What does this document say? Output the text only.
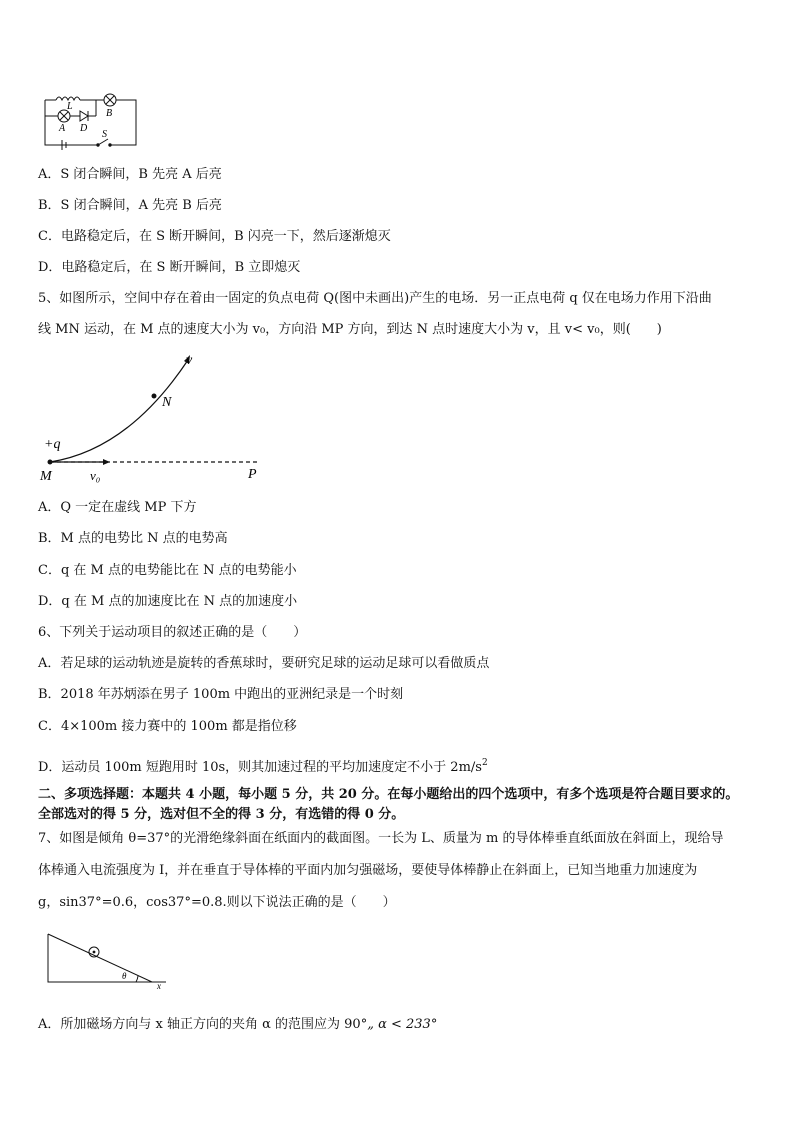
L
B
A D
S
A．S 闭合瞬间，B 先亮 A 后亮
B．S 闭合瞬间，A 先亮 B 后亮
C．电路稳定后，在 S 断开瞬间，B 闪亮一下，然后逐渐熄灭
D．电路稳定后，在 S 断开瞬间，B 立即熄灭
5、如图所示，空间中存在着由一固定的负点电荷 Q(图中未画出)产生的电场．另一正点电荷 q 仅在电场力作用下沿曲
线 MN 运动，在 M 点的速度大小为 v₀，方向沿 MP 方向，到达 N 点时速度大小为 v，且 v< v₀，则(　　)
v
N
+q
M	v₀	P
A．Q 一定在虚线 MP 下方
B．M 点的电势比 N 点的电势高
C．q 在 M 点的电势能比在 N 点的电势能小
D．q 在 M 点的加速度比在 N 点的加速度小
6、下列关于运动项目的叙述正确的是（　　）
A．若足球的运动轨迹是旋转的香蕉球时，要研究足球的运动足球可以看做质点
B．2018 年苏炳添在男子 100m 中跑出的亚洲纪录是一个时刻
C．4×100m 接力赛中的 100m 都是指位移
D．运动员 100m 短跑用时 10s，则其加速过程的平均加速度定不小于 $2m/s^2$
二、多项选择题：本题共 4 小题，每小题 5 分，共 20 分。在每小题给出的四个选项中，有多个选项是符合题目要求的。
全部选对的得 5 分，选对但不全的得 3 分，有选错的得 0 分。
7、如图是倾角 θ=37°的光滑绝缘斜面在纸面内的截面图。一长为 L、质量为 m 的导体棒垂直纸面放在斜面上，现给导
体棒通入电流强度为 I，并在垂直于导体棒的平面内加匀强磁场，要使导体棒静止在斜面上，已知当地重力加速度为
g，sin37°=0.6，cos37°=0.8.则以下说法正确的是（　　）
θ
x
A．所加磁场方向与 x 轴正方向的夹角 α 的范围应为 90°„ α < 233°
